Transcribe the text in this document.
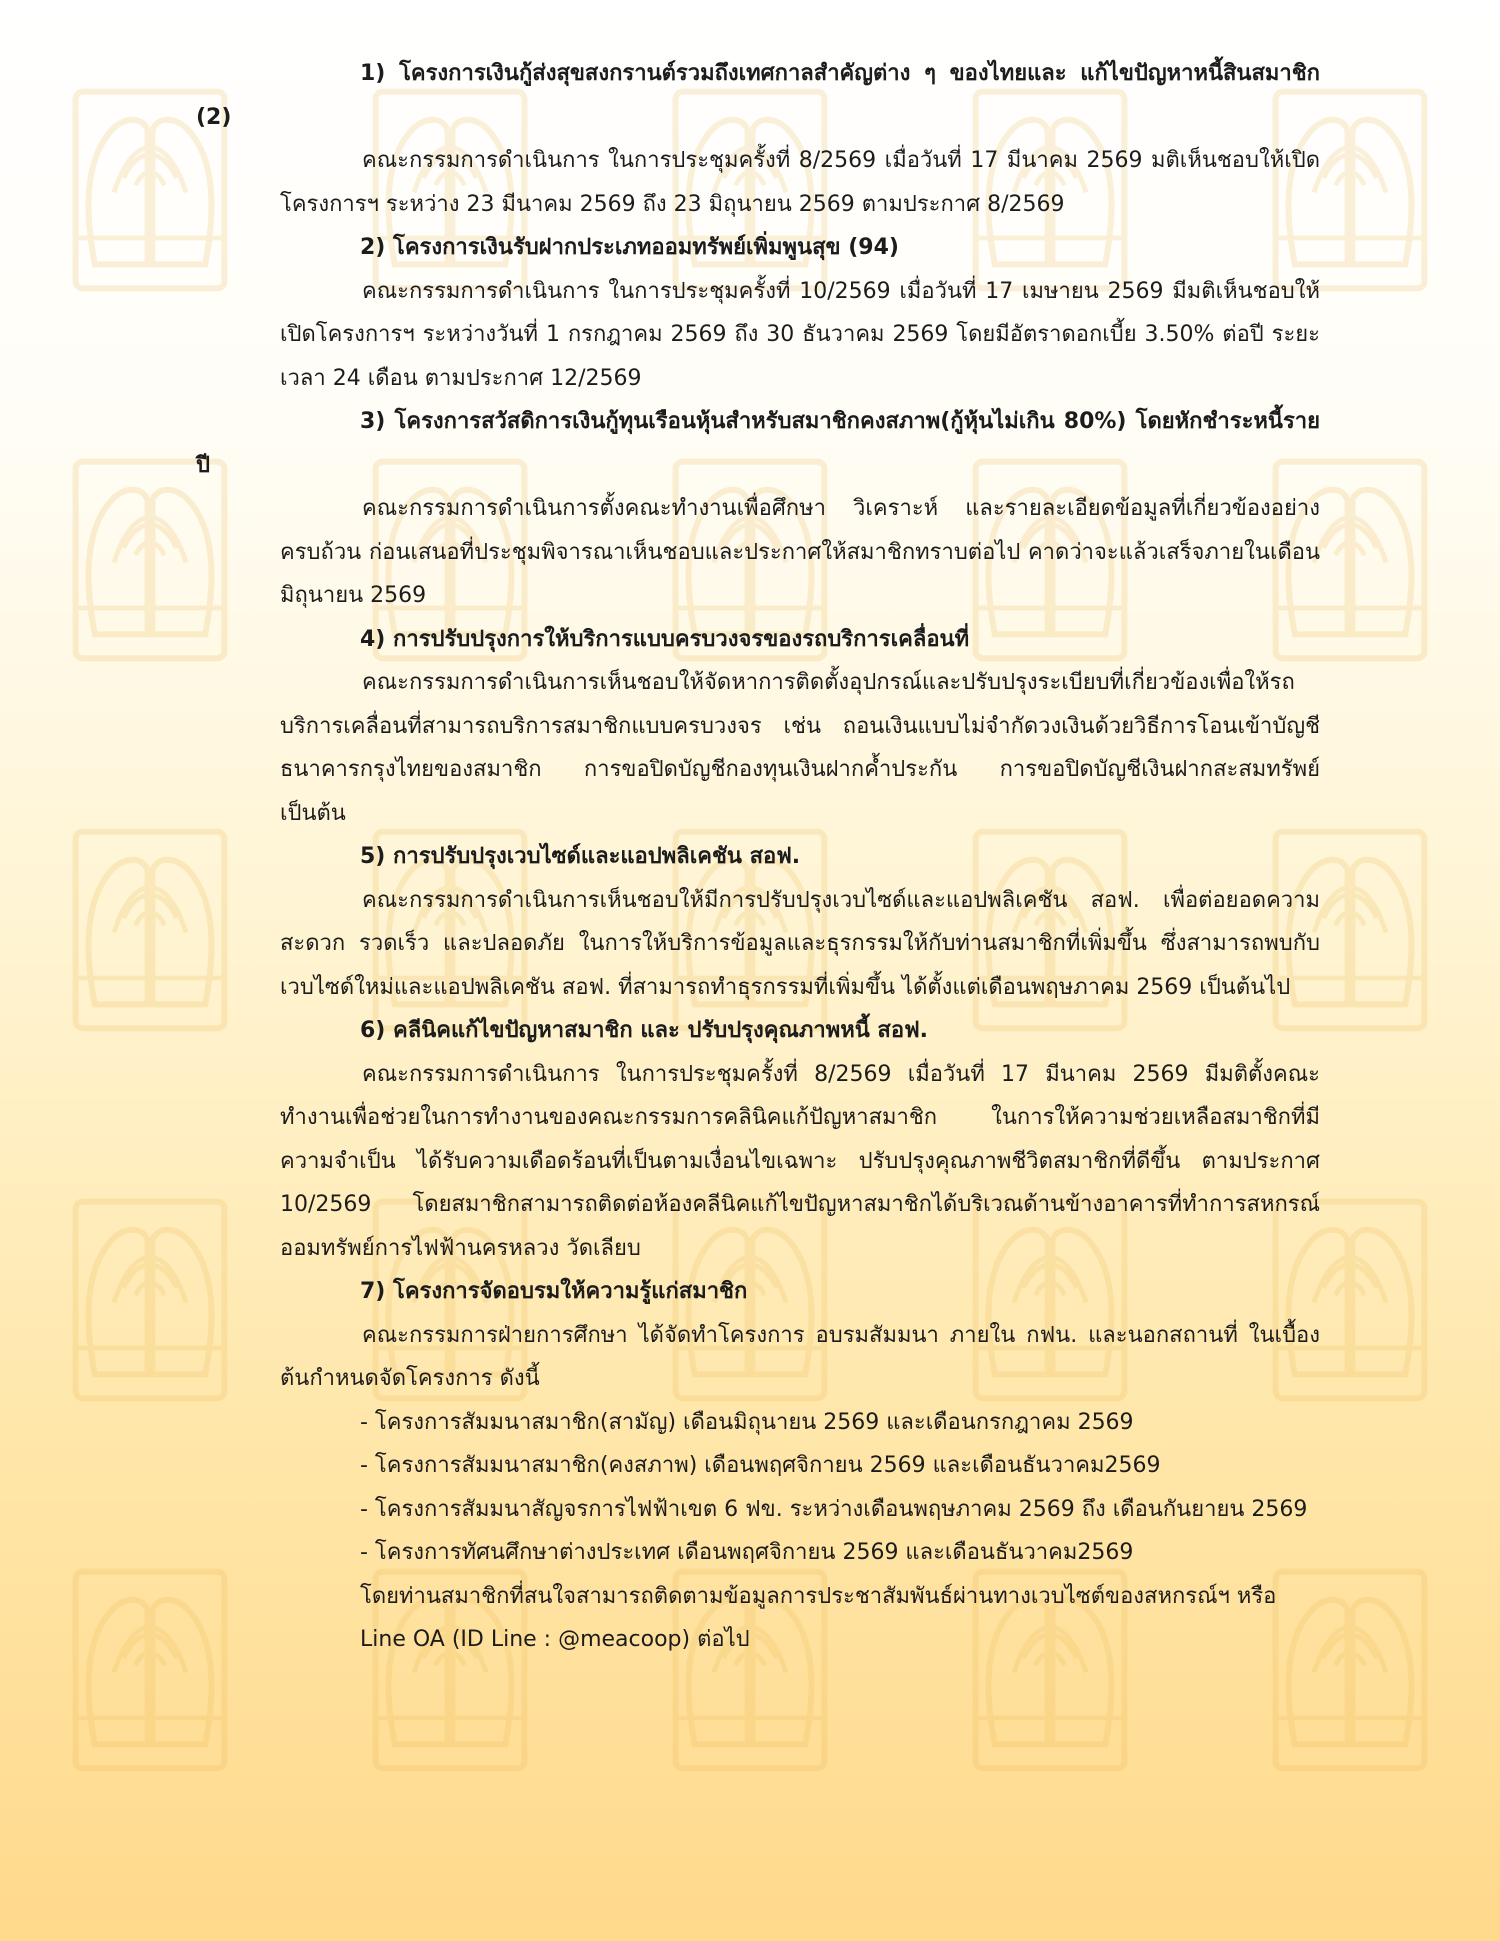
1) โครงการเงินกู้ส่งสุขสงกรานต์รวมถึงเทศกาลสำคัญต่าง ๆ ของไทยและ แก้ไขปัญหาหนี้สินสมาชิก (2)

คณะกรรมการดำเนินการ ในการประชุมครั้งที่ 8/2569 เมื่อวันที่ 17 มีนาคม 2569 มติเห็นชอบให้เปิดโครงการฯ ระหว่าง 23 มีนาคม 2569 ถึง 23 มิถุนายน 2569 ตามประกาศ 8/2569

2) โครงการเงินรับฝากประเภทออมทรัพย์เพิ่มพูนสุข (94)

คณะกรรมการดำเนินการ ในการประชุมครั้งที่ 10/2569 เมื่อวันที่ 17 เมษายน 2569 มีมติเห็นชอบให้เปิดโครงการฯ ระหว่างวันที่ 1 กรกฎาคม 2569 ถึง 30 ธันวาคม 2569 โดยมีอัตราดอกเบี้ย 3.50% ต่อปี ระยะเวลา 24 เดือน ตามประกาศ 12/2569

3) โครงการสวัสดิการเงินกู้ทุนเรือนหุ้นสำหรับสมาชิกคงสภาพ(กู้หุ้นไม่เกิน 80%) โดยหักชำระหนี้รายปี

คณะกรรมการดำเนินการตั้งคณะทำงานเพื่อศึกษา วิเคราะห์ และรายละเอียดข้อมูลที่เกี่ยวข้องอย่างครบถ้วน ก่อนเสนอที่ประชุมพิจารณาเห็นชอบและประกาศให้สมาชิกทราบต่อไป คาดว่าจะแล้วเสร็จภายในเดือนมิถุนายน 2569

4) การปรับปรุงการให้บริการแบบครบวงจรของรถบริการเคลื่อนที่

คณะกรรมการดำเนินการเห็นชอบให้จัดหาการติดตั้งอุปกรณ์และปรับปรุงระเบียบที่เกี่ยวข้องเพื่อให้รถบริการเคลื่อนที่สามารถบริการสมาชิกแบบครบวงจร เช่น ถอนเงินแบบไม่จำกัดวงเงินด้วยวิธีการโอนเข้าบัญชีธนาคารกรุงไทยของสมาชิก การขอปิดบัญชีกองทุนเงินฝากค้ำประกัน การขอปิดบัญชีเงินฝากสะสมทรัพย์ เป็นต้น

5) การปรับปรุงเวบไซด์และแอปพลิเคชัน สอฟ.

คณะกรรมการดำเนินการเห็นชอบให้มีการปรับปรุงเวบไซด์และแอปพลิเคชัน สอฟ. เพื่อต่อยอดความสะดวก รวดเร็ว และปลอดภัย ในการให้บริการข้อมูลและธุรกรรมให้กับท่านสมาชิกที่เพิ่มขึ้น ซึ่งสามารถพบกับเวบไซด์ใหม่และแอปพลิเคชัน สอฟ. ที่สามารถทำธุรกรรมที่เพิ่มขึ้น ได้ตั้งแต่เดือนพฤษภาคม 2569 เป็นต้นไป

6) คลีนิคแก้ไขปัญหาสมาชิก และ ปรับปรุงคุณภาพหนี้ สอฟ.

คณะกรรมการดำเนินการ ในการประชุมครั้งที่ 8/2569 เมื่อวันที่ 17 มีนาคม 2569 มีมติตั้งคณะทำงานเพื่อช่วยในการทำงานของคณะกรรมการคลินิคแก้ปัญหาสมาชิก ในการให้ความช่วยเหลือสมาชิกที่มีความจำเป็น ได้รับความเดือดร้อนที่เป็นตามเงื่อนไขเฉพาะ ปรับปรุงคุณภาพชีวิตสมาชิกที่ดีขึ้น ตามประกาศ 10/2569 โดยสมาชิกสามารถติดต่อห้องคลีนิคแก้ไขปัญหาสมาชิกได้บริเวณด้านข้างอาคารที่ทำการสหกรณ์ออมทรัพย์การไฟฟ้านครหลวง วัดเลียบ

7) โครงการจัดอบรมให้ความรู้แก่สมาชิก

คณะกรรมการฝ่ายการศึกษา ได้จัดทำโครงการ อบรมสัมมนา ภายใน กฟน. และนอกสถานที่ ในเบื้องต้นกำหนดจัดโครงการ ดังนี้

- โครงการสัมมนาสมาชิก(สามัญ) เดือนมิถุนายน 2569 และเดือนกรกฎาคม 2569

- โครงการสัมมนาสมาชิก(คงสภาพ) เดือนพฤศจิกายน 2569 และเดือนธันวาคม2569

- โครงการสัมมนาสัญจรการไฟฟ้าเขต 6 ฟข. ระหว่างเดือนพฤษภาคม 2569 ถึง เดือนกันยายน 2569

- โครงการทัศนศึกษาต่างประเทศ เดือนพฤศจิกายน 2569 และเดือนธันวาคม2569

โดยท่านสมาชิกที่สนใจสามารถติดตามข้อมูลการประชาสัมพันธ์ผ่านทางเวบไซต์ของสหกรณ์ฯ หรือ Line OA (ID Line : @meacoop) ต่อไป
